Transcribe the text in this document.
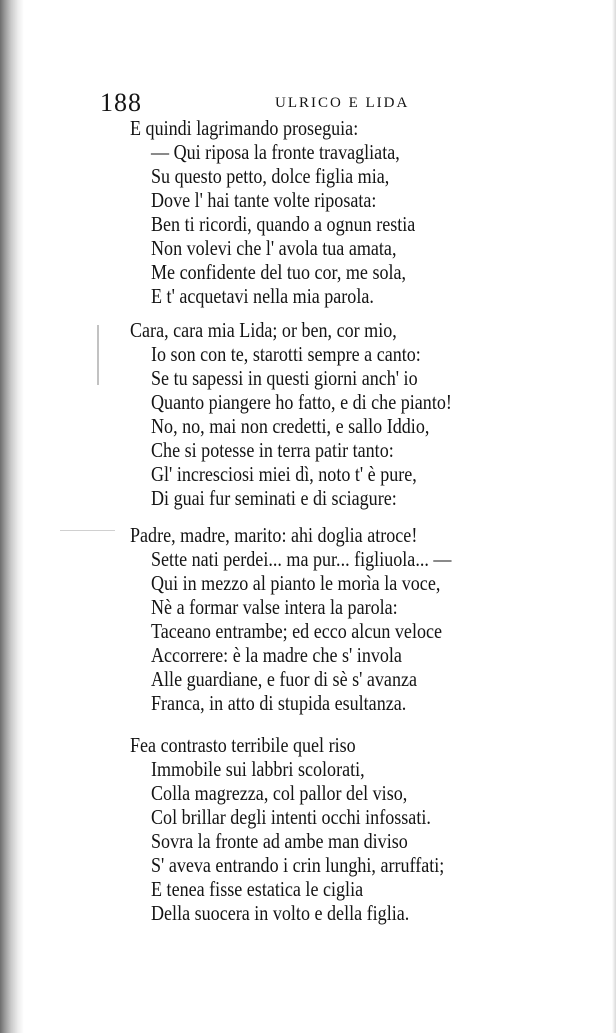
188	ULRICO E LIDA
E quindi lagrimando proseguia:
— Qui riposa la fronte travagliata,
Su questo petto, dolce figlia mia,
Dove l' hai tante volte riposata:
Ben ti ricordi, quando a ognun restia
Non volevi che l' avola tua amata,
Me confidente del tuo cor, me sola,
E t' acquetavi nella mia parola.
Cara, cara mia Lida; or ben, cor mio,
Io son con te, starotti sempre a canto:
Se tu sapessi in questi giorni anch' io
Quanto piangere ho fatto, e di che pianto!
No, no, mai non credetti, e sallo Iddio,
Che si potesse in terra patir tanto:
Gl' incresciosi miei dì, noto t' è pure,
Di guai fur seminati e di sciagure:
Padre, madre, marito: ahi doglia atroce!
Sette nati perdei... ma pur... figliuola... —
Qui in mezzo al pianto le morìa la voce,
Nè a formar valse intera la parola:
Taceano entrambe; ed ecco alcun veloce
Accorrere: è la madre che s' invola
Alle guardiane, e fuor di sè s' avanza
Franca, in atto di stupida esultanza.
Fea contrasto terribile quel riso
Immobile sui labbri scolorati,
Colla magrezza, col pallor del viso,
Col brillar degli intenti occhi infossati.
Sovra la fronte ad ambe man diviso
S' aveva entrando i crin lunghi, arruffati;
E tenea fisse estatica le ciglia
Della suocera in volto e della figlia.
